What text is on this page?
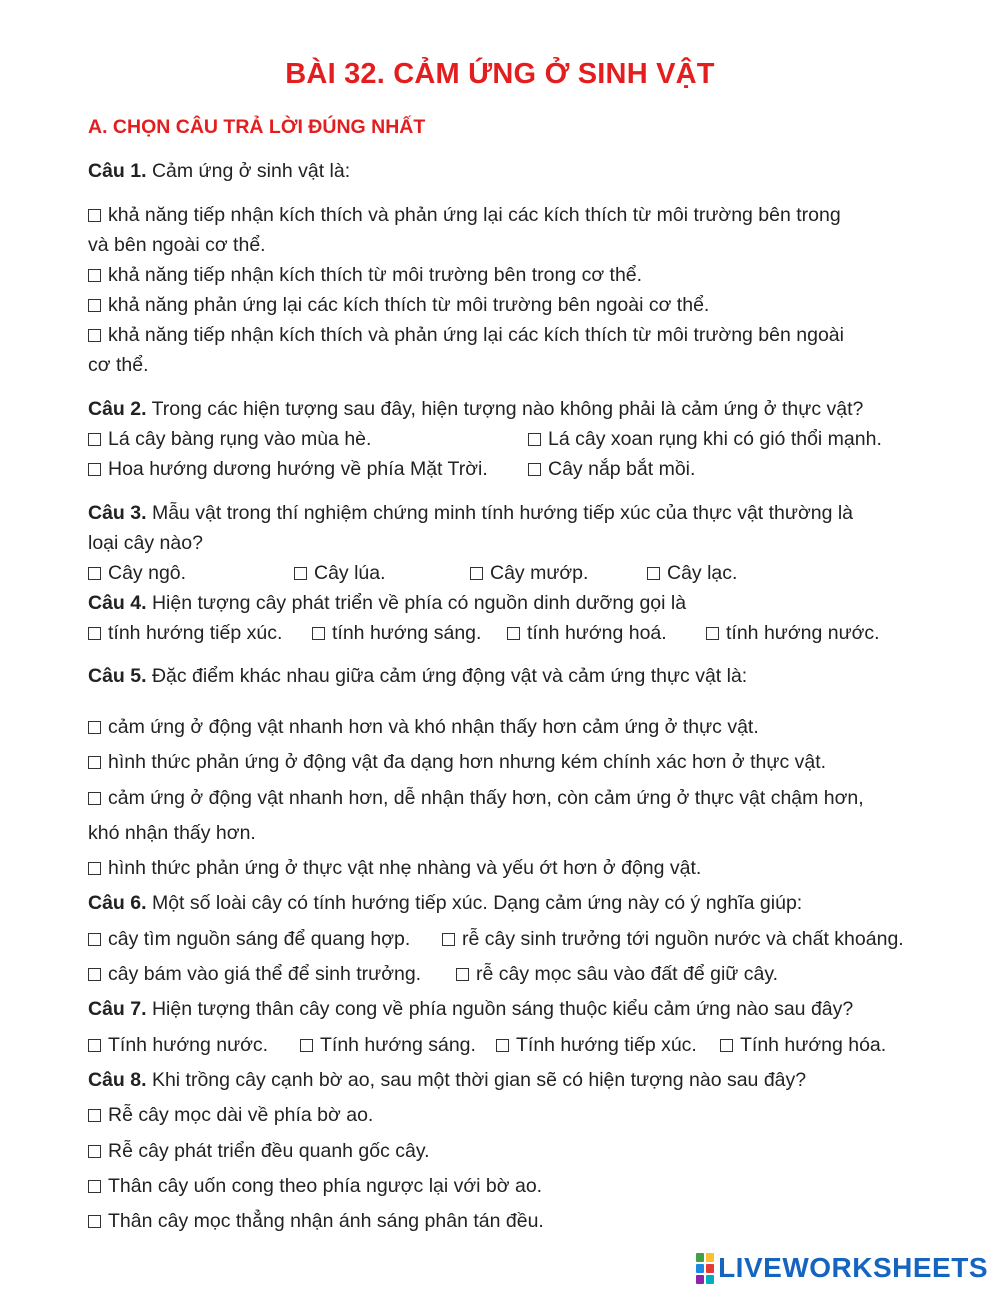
BÀI 32. CẢM ỨNG Ở SINH VẬT
A. CHỌN CÂU TRẢ LỜI ĐÚNG NHẤT
Câu 1. Cảm ứng ở sinh vật là:
khả năng tiếp nhận kích thích và phản ứng lại các kích thích từ môi trường bên trong
và bên ngoài cơ thể.
khả năng tiếp nhận kích thích từ môi trường bên trong cơ thể.
khả năng phản ứng lại các kích thích từ môi trường bên ngoài cơ thể.
khả năng tiếp nhận kích thích và phản ứng lại các kích thích từ môi trường bên ngoài
cơ thể.
Câu 2. Trong các hiện tượng sau đây, hiện tượng nào không phải là cảm ứng ở thực vật?
Lá cây bàng rụng vào mùa hè.	Lá cây xoan rụng khi có gió thổi mạnh.
Hoa hướng dương hướng về phía Mặt Trời.	Cây nắp bắt mồi.
Câu 3. Mẫu vật trong thí nghiệm chứng minh tính hướng tiếp xúc của thực vật thường là
loại cây nào?
Cây ngô.	Cây lúa.	Cây mướp.	Cây lạc.
Câu 4. Hiện tượng cây phát triển về phía có nguồn dinh dưỡng gọi là
tính hướng tiếp xúc.	tính hướng sáng.	tính hướng hoá.	tính hướng nước.
Câu 5. Đặc điểm khác nhau giữa cảm ứng động vật và cảm ứng thực vật là:
cảm ứng ở động vật nhanh hơn và khó nhận thấy hơn cảm ứng ở thực vật.
hình thức phản ứng ở động vật đa dạng hơn nhưng kém chính xác hơn ở thực vật.
cảm ứng ở động vật nhanh hơn, dễ nhận thấy hơn, còn cảm ứng ở thực vật chậm hơn,
khó nhận thấy hơn.
hình thức phản ứng ở thực vật nhẹ nhàng và yếu ớt hơn ở động vật.
Câu 6. Một số loài cây có tính hướng tiếp xúc. Dạng cảm ứng này có ý nghĩa giúp:
cây tìm nguồn sáng để quang hợp.	rễ cây sinh trưởng tới nguồn nước và chất khoáng.
cây bám vào giá thể để sinh trưởng.	rễ cây mọc sâu vào đất để giữ cây.
Câu 7. Hiện tượng thân cây cong về phía nguồn sáng thuộc kiểu cảm ứng nào sau đây?
Tính hướng nước.	Tính hướng sáng.	Tính hướng tiếp xúc.	Tính hướng hóa.
Câu 8. Khi trồng cây cạnh bờ ao, sau một thời gian sẽ có hiện tượng nào sau đây?
Rễ cây mọc dài về phía bờ ao.
Rễ cây phát triển đều quanh gốc cây.
Thân cây uốn cong theo phía ngược lại với bờ ao.
Thân cây mọc thẳng nhận ánh sáng phân tán đều.
LIVEWORKSHEETS
